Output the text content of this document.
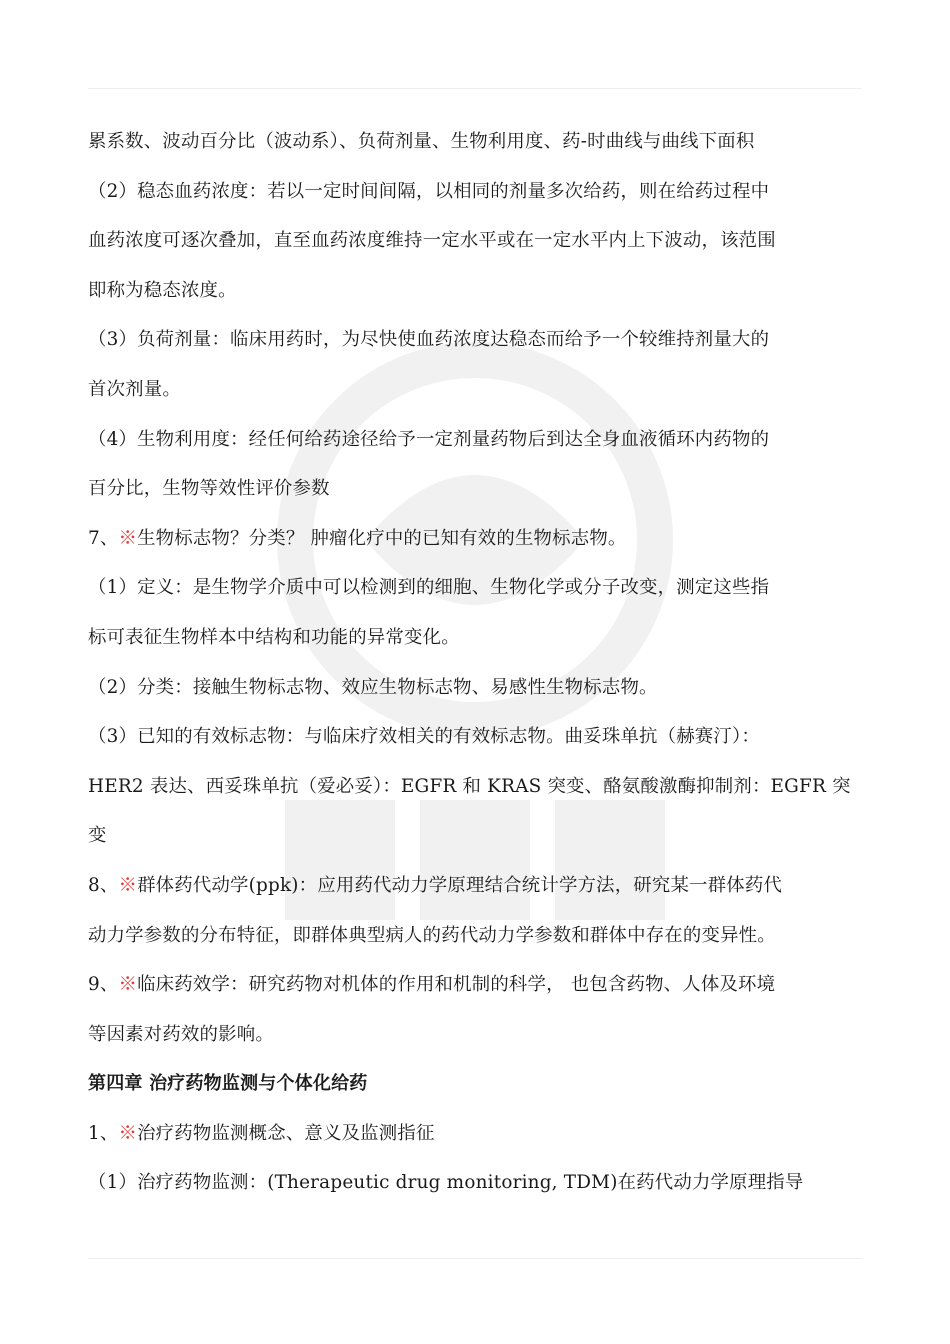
累系数、波动百分比（波动系）、负荷剂量、生物利用度、药-时曲线与曲线下面积
（2）稳态血药浓度：若以一定时间间隔，以相同的剂量多次给药，则在给药过程中
血药浓度可逐次叠加，直至血药浓度维持一定水平或在一定水平内上下波动，该范围
即称为稳态浓度。
（3）负荷剂量：临床用药时，为尽快使血药浓度达稳态而给予一个较维持剂量大的
首次剂量。
（4）生物利用度：经任何给药途径给予一定剂量药物后到达全身血液循环内药物的
百分比，生物等效性评价参数
7、※生物标志物？分类？ 肿瘤化疗中的已知有效的生物标志物。
（1）定义：是生物学介质中可以检测到的细胞、生物化学或分子改变，测定这些指
标可表征生物样本中结构和功能的异常变化。
（2）分类：接触生物标志物、效应生物标志物、易感性生物标志物。
（3）已知的有效标志物：与临床疗效相关的有效标志物。曲妥珠单抗（赫赛汀）：
HER2 表达、西妥珠单抗（爱必妥）：EGFR 和 KRAS 突变、酪氨酸激酶抑制剂：EGFR 突
变
8、※群体药代动学(ppk)：应用药代动力学原理结合统计学方法，研究某一群体药代
动力学参数的分布特征，即群体典型病人的药代动力学参数和群体中存在的变异性。
9、※临床药效学：研究药物对机体的作用和机制的科学， 也包含药物、人体及环境
等因素对药效的影响。
第四章 治疗药物监测与个体化给药
1、※治疗药物监测概念、意义及监测指征
（1）治疗药物监测：(Therapeutic drug monitoring, TDM)在药代动力学原理指导
